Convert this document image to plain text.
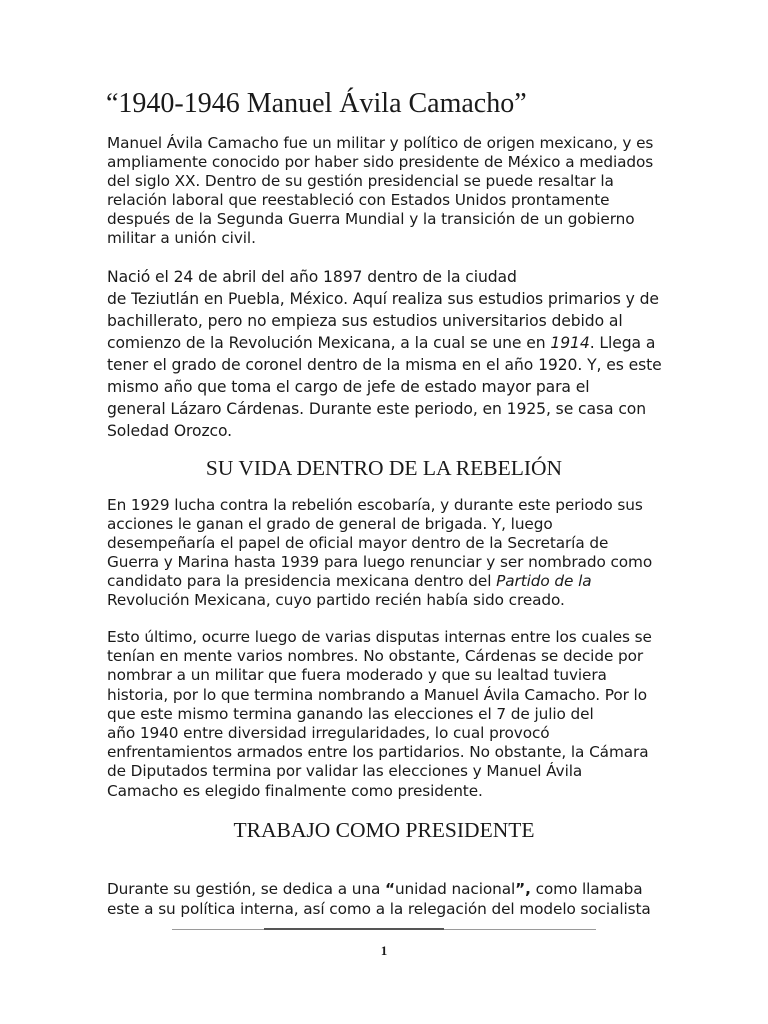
“1940-1946 Manuel Ávila Camacho”

Manuel Ávila Camacho fue un militar y político de origen mexicano, y es
ampliamente conocido por haber sido presidente de México a mediados
del siglo XX. Dentro de su gestión presidencial se puede resaltar la
relación laboral que reestableció con Estados Unidos prontamente
después de la Segunda Guerra Mundial y la transición de un gobierno
militar a unión civil.

Nació el 24 de abril del año 1897 dentro de la ciudad
de Teziutlán en Puebla, México. Aquí realiza sus estudios primarios y de
bachillerato, pero no empieza sus estudios universitarios debido al
comienzo de la Revolución Mexicana, a la cual se une en 1914. Llega a
tener el grado de coronel dentro de la misma en el año 1920. Y, es este
mismo año que toma el cargo de jefe de estado mayor para el
general Lázaro Cárdenas. Durante este periodo, en 1925, se casa con
Soledad Orozco.

SU VIDA DENTRO DE LA REBELIÓN

En 1929 lucha contra la rebelión escobaría, y durante este periodo sus
acciones le ganan el grado de general de brigada. Y, luego
desempeñaría el papel de oficial mayor dentro de la Secretaría de
Guerra y Marina hasta 1939 para luego renunciar y ser nombrado como
candidato para la presidencia mexicana dentro del Partido de la
Revolución Mexicana, cuyo partido recién había sido creado.

Esto último, ocurre luego de varias disputas internas entre los cuales se
tenían en mente varios nombres. No obstante, Cárdenas se decide por
nombrar a un militar que fuera moderado y que su lealtad tuviera
historia, por lo que termina nombrando a Manuel Ávila Camacho. Por lo
que este mismo termina ganando las elecciones el 7 de julio del
año 1940 entre diversidad irregularidades, lo cual provocó
enfrentamientos armados entre los partidarios. No obstante, la Cámara
de Diputados termina por validar las elecciones y Manuel Ávila
Camacho es elegido finalmente como presidente.

TRABAJO COMO PRESIDENTE

Durante su gestión, se dedica a una “unidad nacional”, como llamaba
este a su política interna, así como a la relegación del modelo socialista

1
